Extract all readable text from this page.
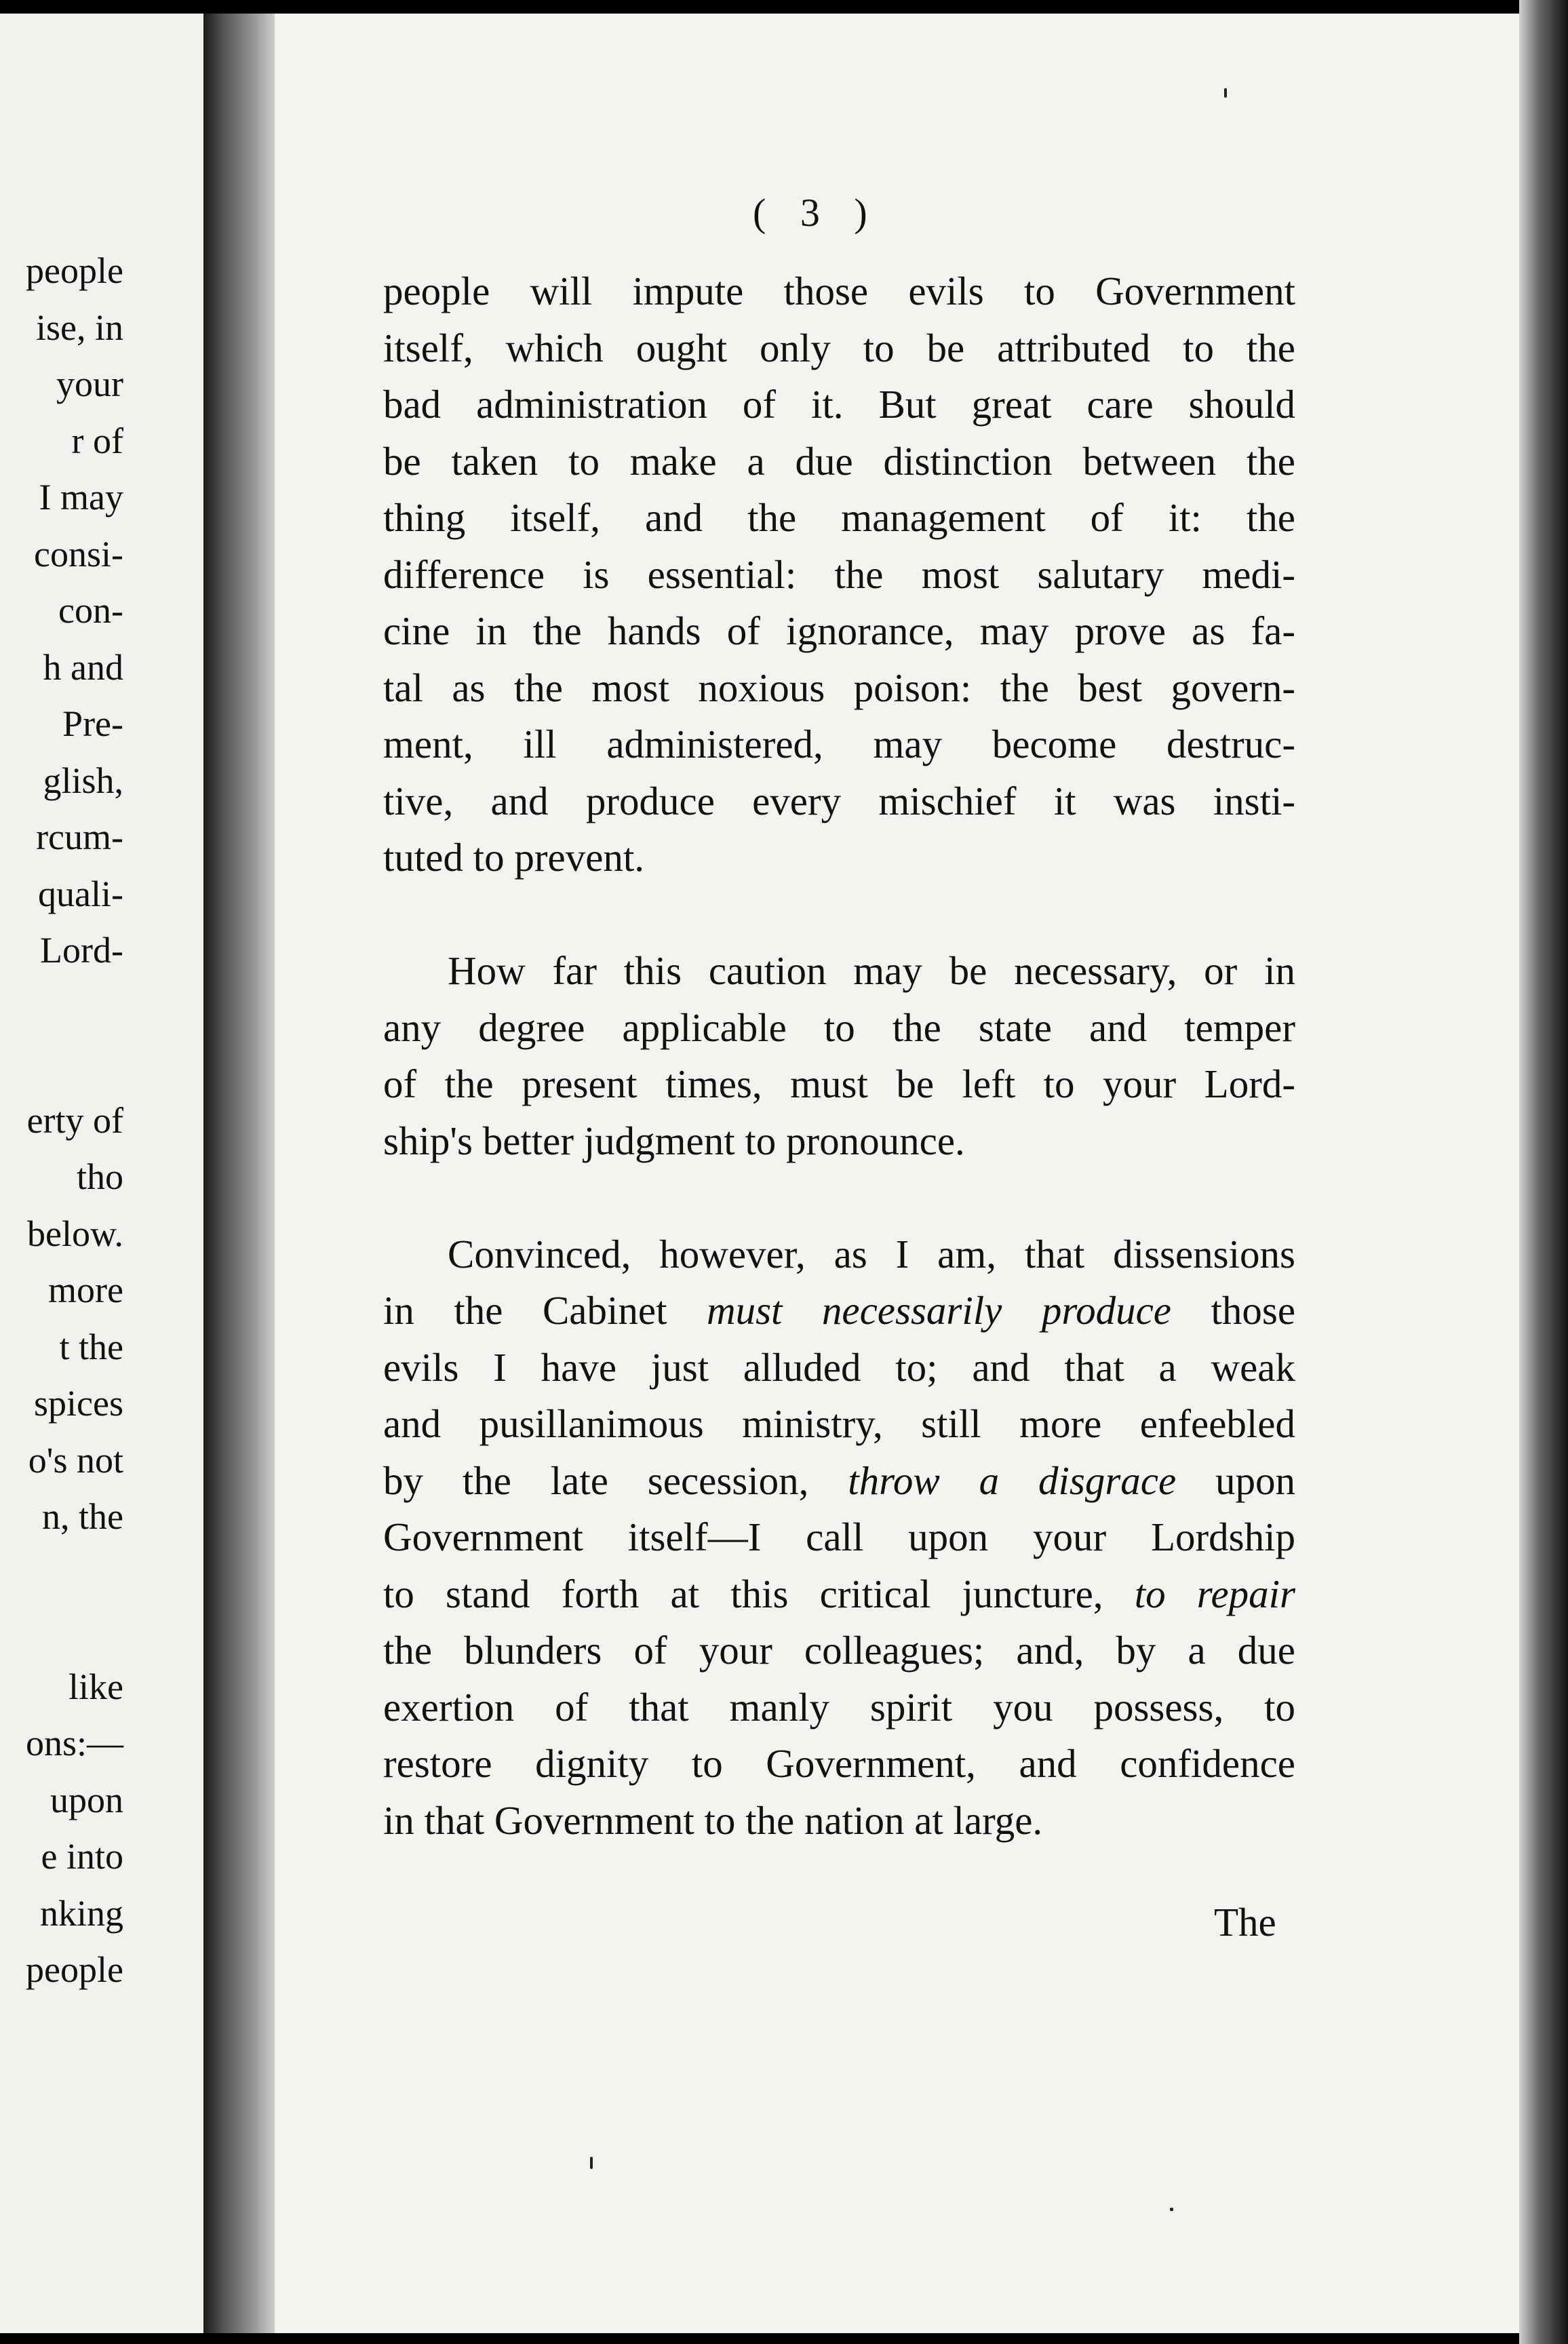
people
ise, in
your
r of
I may
consi-
con-
h and
Pre-
glish,
rcum-
quali-
Lord-
erty of
tho
below.
more
t the
spices
o's not
n, the
like
ons:—
upon
e into
nking
people
( 3 )
people will impute those evils to Government
itself, which ought only to be attributed to the
bad administration of it. But great care should
be taken to make a due distinction between the
thing itself, and the management of it: the
difference is essential: the most salutary medi-
cine in the hands of ignorance, may prove as fa-
tal as the most noxious poison: the best govern-
ment, ill administered, may become destruc-
tive, and produce every mischief it was insti-
tuted to prevent.
How far this caution may be necessary, or in
any degree applicable to the state and temper
of the present times, must be left to your Lord-
ship's better judgment to pronounce.
Convinced, however, as I am, that dissensions
in the Cabinet must necessarily produce those
evils I have just alluded to; and that a weak
and pusillanimous ministry, still more enfeebled
by the late secession, throw a disgrace upon
Government itself—I call upon your Lordship
to stand forth at this critical juncture, to repair
the blunders of your colleagues; and, by a due
exertion of that manly spirit you possess, to
restore dignity to Government, and confidence
in that Government to the nation at large.
The
